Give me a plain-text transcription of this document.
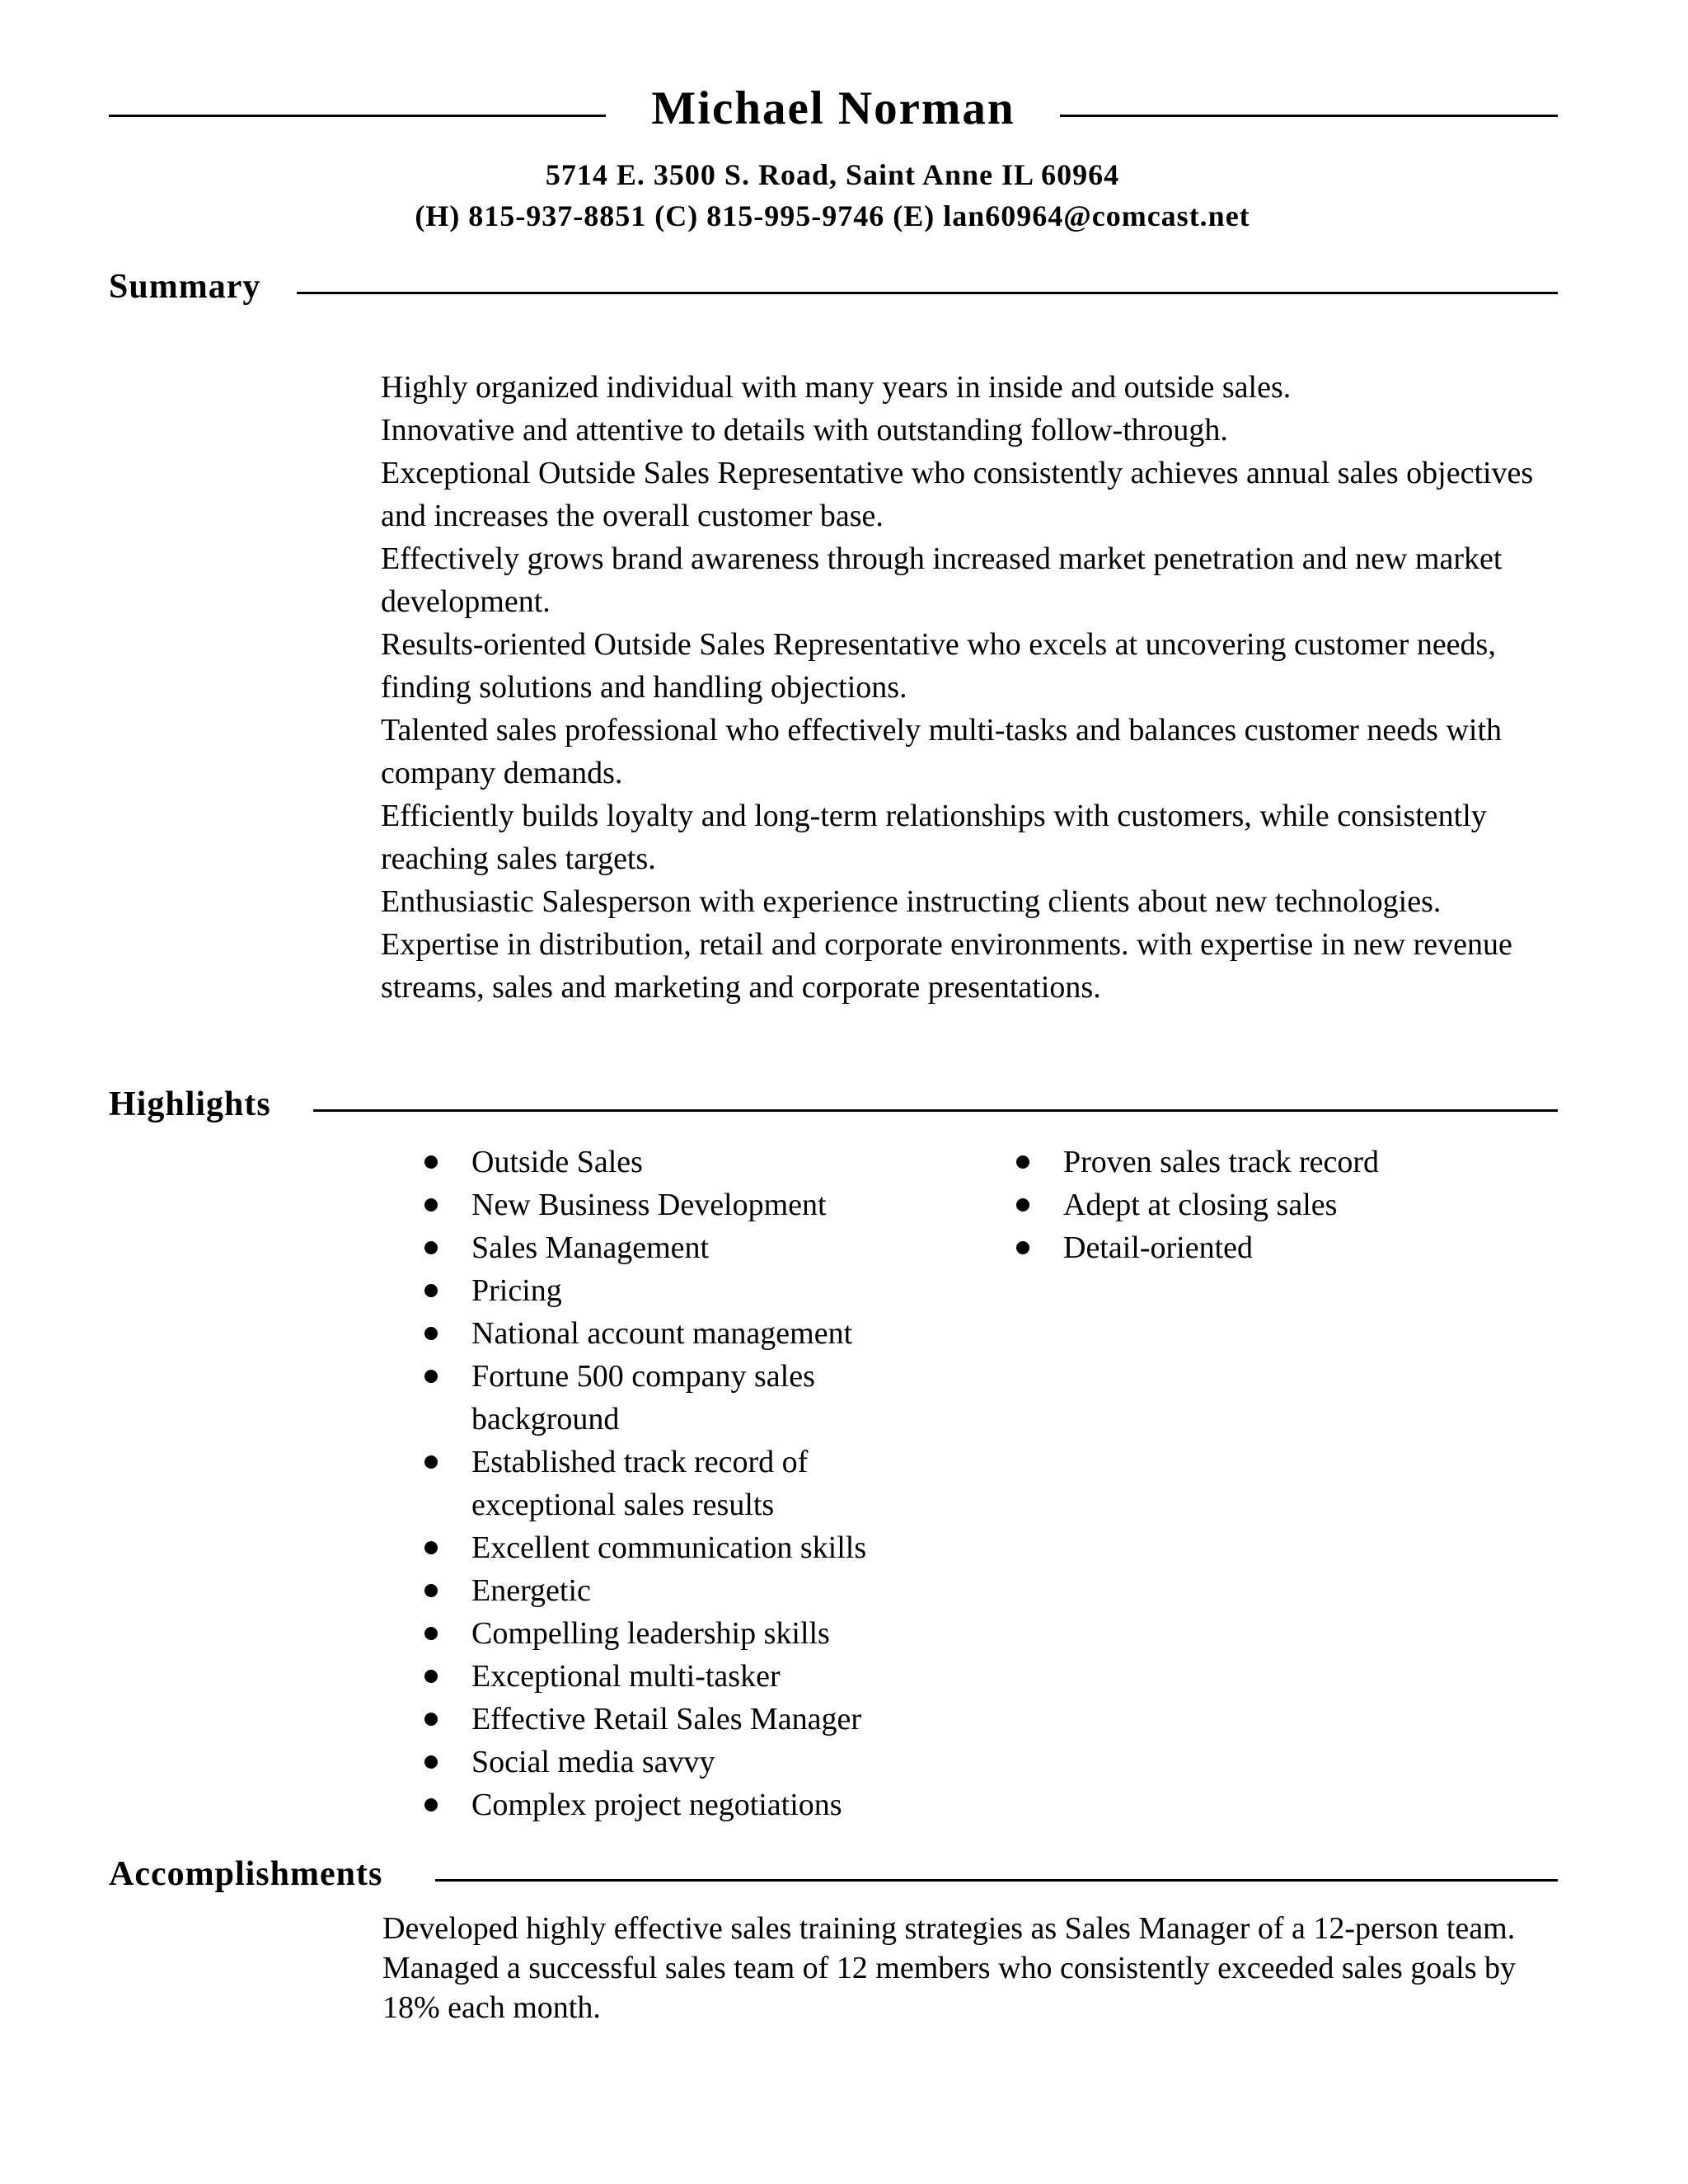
Michael Norman
5714 E. 3500 S. Road, Saint Anne IL 60964
(H) 815-937-8851 (C) 815-995-9746 (E) lan60964@comcast.net
Summary

Highly organized individual with many years in inside and outside sales.

Innovative and attentive to details with outstanding follow-through.

Exceptional Outside Sales Representative who consistently achieves annual sales objectives and increases the overall customer base.

Effectively grows brand awareness through increased market penetration and new market development.

Results-oriented Outside Sales Representative who excels at uncovering customer needs, finding solutions and handling objections.

Talented sales professional who effectively multi-tasks and balances customer needs with company demands.

Efficiently builds loyalty and long-term relationships with customers, while consistently reaching sales targets.

Enthusiastic Salesperson with experience instructing clients about new technologies.

Expertise in distribution, retail and corporate environments. with expertise in new revenue streams, sales and marketing and corporate presentations.

Highlights
Outside Sales
New Business Development
Sales Management
Pricing
National account management
Fortune 500 company sales background
Established track record of exceptional sales results
Excellent communication skills
Energetic
Compelling leadership skills
Exceptional multi-tasker
Effective Retail Sales Manager
Social media savvy
Complex project negotiations
Proven sales track record
Adept at closing sales
Detail-oriented
Accomplishments
Developed highly effective sales training strategies as Sales Manager of a 12-person team. Managed a successful sales team of 12 members who consistently exceeded sales goals by 18% each month.
